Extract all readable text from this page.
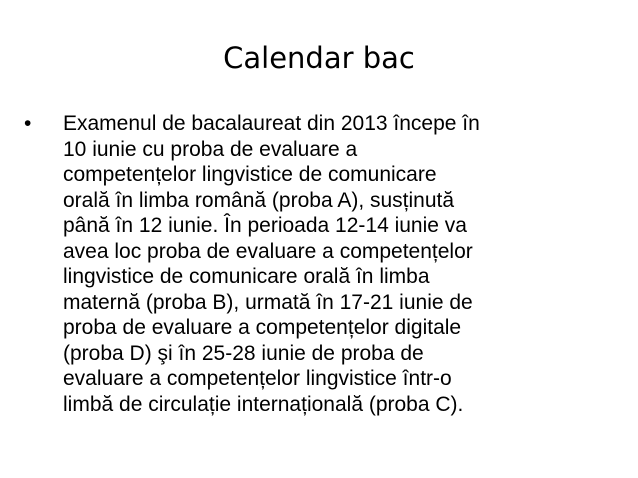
Calendar bac
• Examenul de bacalaureat din 2013 începe în
10 iunie cu proba de evaluare a
competențelor lingvistice de comunicare
orală în limba română (proba A), susținută
până în 12 iunie. În perioada 12-14 iunie va
avea loc proba de evaluare a competențelor
lingvistice de comunicare orală în limba
maternă (proba B), urmată în 17-21 iunie de
proba de evaluare a competențelor digitale
(proba D) şi în 25-28 iunie de proba de
evaluare a competențelor lingvistice într-o
limbă de circulație internațională (proba C).
